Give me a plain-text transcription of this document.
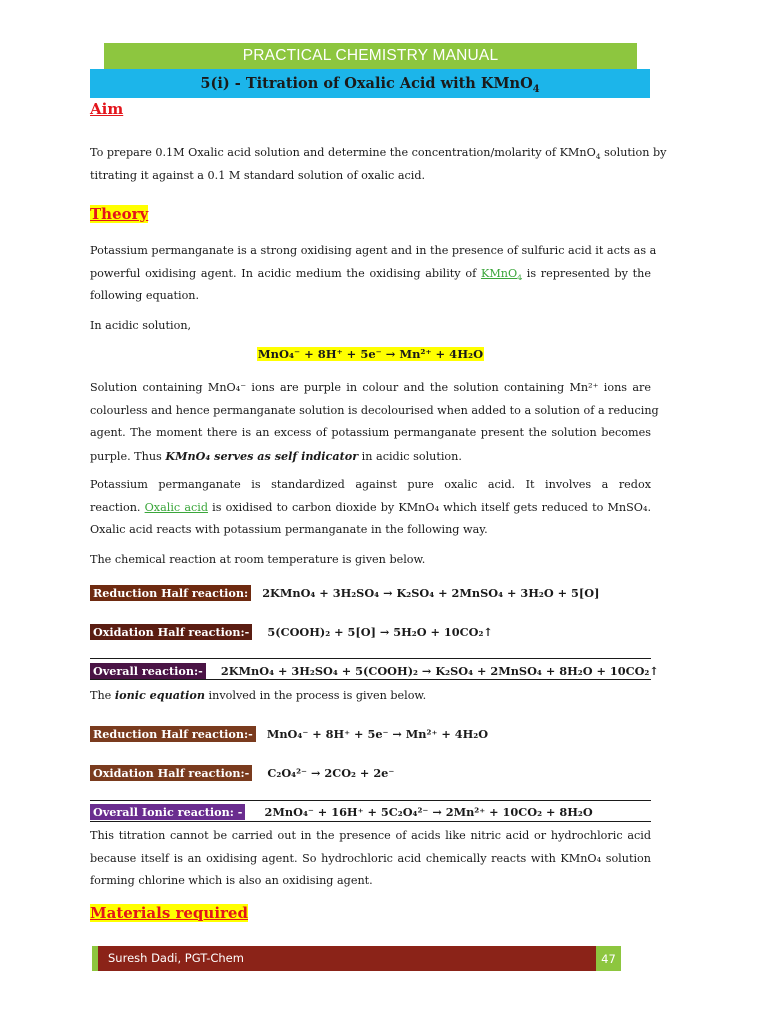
PRACTICAL CHEMISTRY MANUAL
5(i) - Titration of Oxalic Acid with KMnO$_4$
Aim
To prepare 0.1M Oxalic acid solution and determine the concentration/molarity of KMnO$_4$ solution by
titrating it against a 0.1 M standard solution of oxalic acid.
Theory
Potassium permanganate is a strong oxidising agent and in the presence of sulfuric acid it acts as a
powerful oxidising agent. In acidic medium the oxidising ability of KMnO$_4$ is represented by the
following equation.
In acidic solution,
MnO₄⁻ + 8H⁺ + 5e⁻ → Mn²⁺ + 4H₂O
Solution containing MnO₄⁻ ions are purple in colour and the solution containing Mn²⁺ ions are
colourless and hence permanganate solution is decolourised when added to a solution of a reducing
agent. The moment there is an excess of potassium permanganate present the solution becomes
purple. Thus KMnO₄ serves as self indicator in acidic solution.
Potassium permanganate is standardized against pure oxalic acid. It involves a redox
reaction. Oxalic acid is oxidised to carbon dioxide by KMnO₄ which itself gets reduced to MnSO₄.
Oxalic acid reacts with potassium permanganate in the following way.
The chemical reaction at room temperature is given below.
Reduction Half reaction: 2KMnO₄ + 3H₂SO₄ → K₂SO₄ + 2MnSO₄ + 3H₂O + 5[O]
Oxidation Half reaction:- 5(COOH)₂ + 5[O] → 5H₂O + 10CO₂↑
Overall reaction:- 2KMnO₄ + 3H₂SO₄ + 5(COOH)₂ → K₂SO₄ + 2MnSO₄ + 8H₂O + 10CO₂↑
The ionic equation involved in the process is given below.
Reduction Half reaction:- MnO₄⁻ + 8H⁺ + 5e⁻ → Mn²⁺ + 4H₂O
Oxidation Half reaction:- C₂O₄²⁻ → 2CO₂ + 2e⁻
Overall Ionic reaction: - 2MnO₄⁻ + 16H⁺ + 5C₂O₄²⁻ → 2Mn²⁺ + 10CO₂ + 8H₂O
This titration cannot be carried out in the presence of acids like nitric acid or hydrochloric acid
because itself is an oxidising agent. So hydrochloric acid chemically reacts with KMnO₄ solution
forming chlorine which is also an oxidising agent.
Materials required
Suresh Dadi, PGT-Chem	47
